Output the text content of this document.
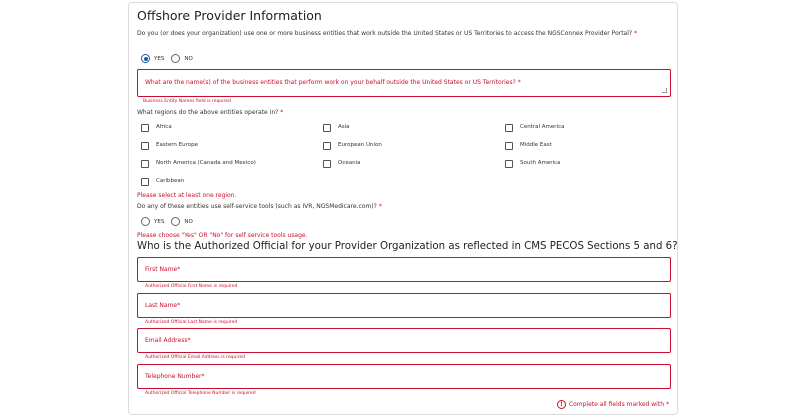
Offshore Provider Information
Do you (or does your organization) use one or more business entities that work outside the United States or US Territories to access the NGSConnex Provider Portal? *
YES	NO
What are the name(s) of the business entities that perform work on your behalf outside the United States or US Territories? *
Business Entity Names field is required
What regions do the above entities operate in? *
Africa	Asia	Central America
Eastern Europe	European Union	Middle East
North America (Canada and Mexico)	Oceania	South America
Caribbean
Please select at least one region.
Do any of these entities use self-service tools (such as IVR, NGSMedicare.com)? *
YES	NO
Please choose "Yes" OR "No" for self service tools usage.
Who is the Authorized Official for your Provider Organization as reflected in CMS PECOS Sections 5 and 6?
First Name*
Authorized Official First Name is required
Last Name*
Authorized Official Last Name is required
Email Address*
Authorized Official Email Address is required
Telephone Number*
Authorized Official Telephone Number is required
!	Complete all fields marked with *
